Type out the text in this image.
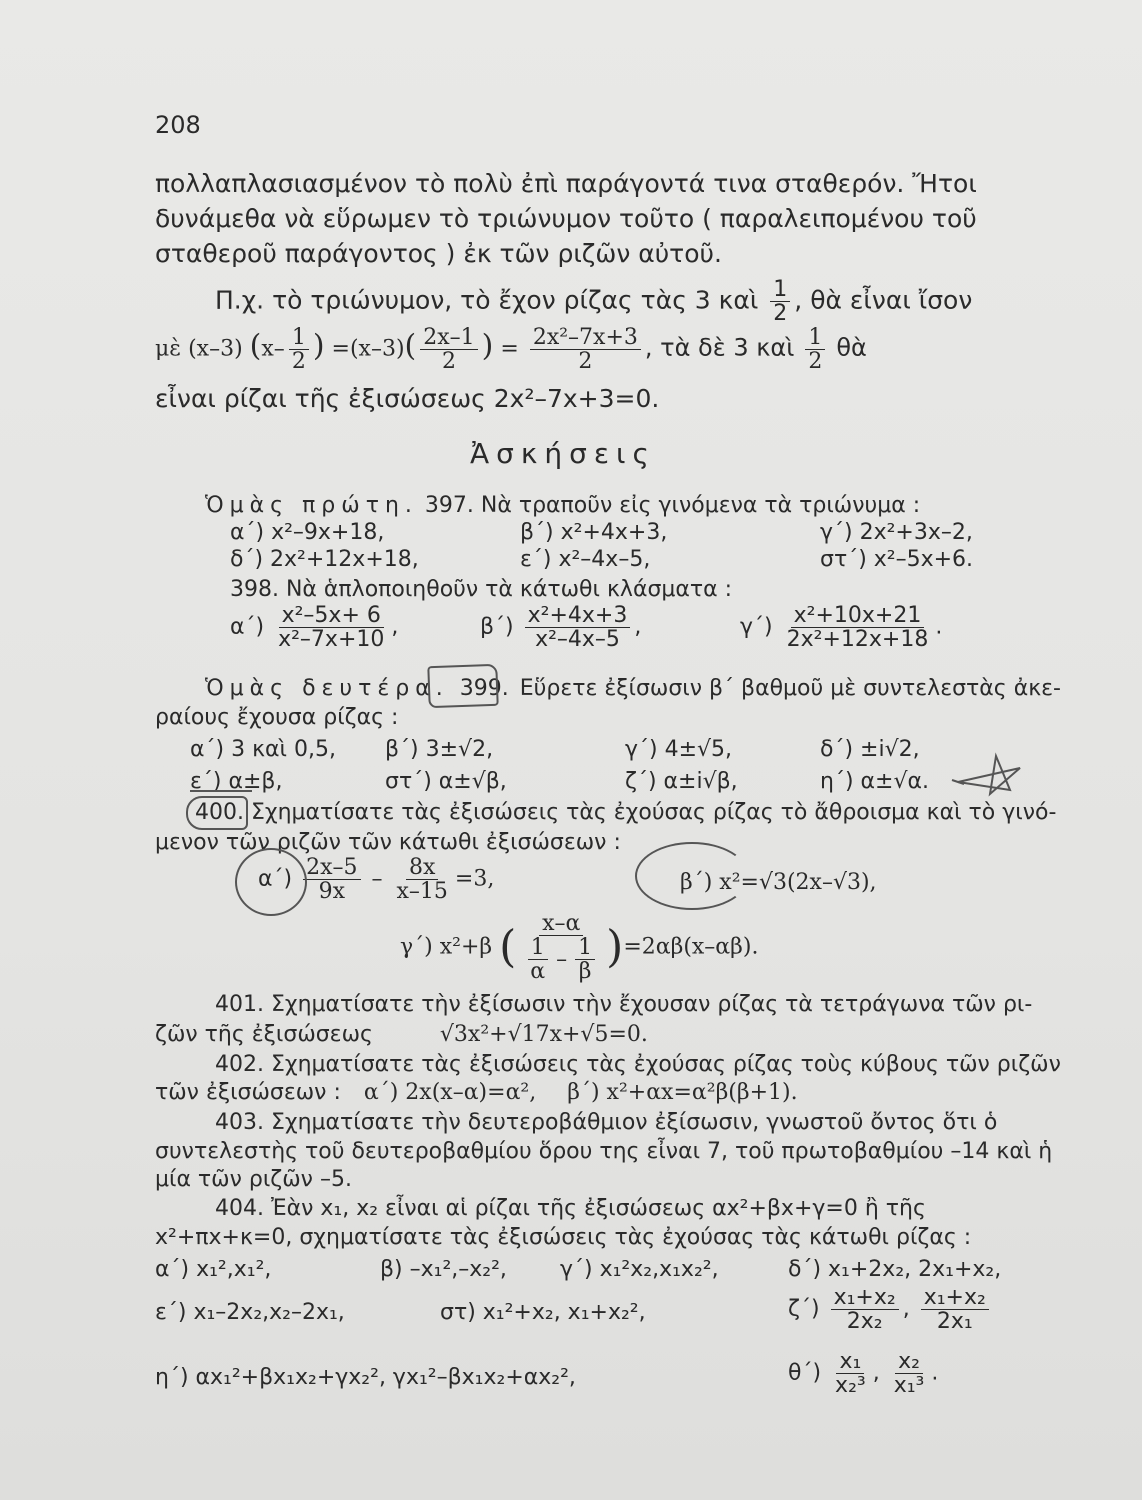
208
πολλαπλασιασμένον τὸ πολὺ ἐπὶ παράγοντά τινα σταθερόν. Ἤτοι
δυνάμεθα νὰ εὕρωμεν τὸ τριώνυμον τοῦτο ( παραλειπομένου τοῦ
σταθεροῦ παράγοντος ) ἐκ τῶν ριζῶν αὐτοῦ.
Π.χ. τὸ τριώνυμον, τὸ ἔχον ρίζας τὰς 3 καὶ $\frac{1}{2}$ , θὰ εἶναι ἴσον
μὲ (x–3) ($x- \frac{1}{2}$ ) $=(x-3)( \frac{2x-1}{2}$ ) = $\frac{\text{2x²–7x+3}}{2}$ , τὰ δὲ 3 καὶ $\frac{1}{2}$ θὰ
εἶναι ρίζαι τῆς ἐξισώσεως 2x²–7x+3=0.
Ἀσκήσεις
Ὁμὰς πρώτη. 397. Νὰ τραποῦν εἰς γινόμενα τὰ τριώνυμα :
α΄) x²–9x+18,	β΄) x²+4x+3,	γ΄) 2x²+3x–2,
δ΄) 2x²+12x+18,	ε΄) x²–4x–5,	στ΄) x²–5x+6.
398. Νὰ ἁπλοποιηθοῦν τὰ κάτωθι κλάσματα :
$\alpha΄) \frac{\text{x²–5x+ 6}}{\text{x²–7x+10}}$ ,	$\beta΄) \frac{\text{x²+4x+3}}{\text{x²–4x–5}}$ ,	$\gamma΄) \frac{\text{x²+10x+21}}{\text{2x²+12x+18}}$ .
Ὁμὰς δευτέρα. 399. Εὕρετε ἐξίσωσιν β΄ βαθμοῦ μὲ συντελεστὰς ἀκε-
ραίους ἔχουσα ρίζας :
α΄) 3 καὶ 0,5, β΄) 3±√2,	γ΄) 4±√5,	δ΄) ±i√2,
ε΄) α±β,	στ΄) α±√β,	ζ΄) α±i√β,	η΄) α±√α.
400. Σχηματίσατε τὰς ἐξισώσεις τὰς ἐχούσας ρίζας τὸ ἄθροισμα καὶ τὸ γινό-
μενον τῶν ριζῶν τῶν κάτωθι ἐξισώσεων :
$\alpha΄) \frac{2x-5}{9x} - \frac{8x}{x-15} =3$,	β΄) x²=√3(2x–√3),
γ΄) x²+β ( $\frac{x-\alpha}{\frac{1}{\alpha} - \frac{1}{\beta}} )=2\alpha\beta(x-\alpha\beta)$.
401. Σχηματίσατε τὴν ἐξίσωσιν τὴν ἔχουσαν ρίζας τὰ τετράγωνα τῶν ρι-
ζῶν τῆς ἐξισώσεως	√3x²+√17x+√5=0.
402. Σχηματίσατε τὰς ἐξισώσεις τὰς ἐχούσας ρίζας τοὺς κύβους τῶν ριζῶν
τῶν ἐξισώσεων : α΄) 2x(x–α)=α², β΄) x²+αx=α²β(β+1).
403. Σχηματίσατε τὴν δευτεροβάθμιον ἐξίσωσιν, γνωστοῦ ὄντος ὅτι ὁ
συντελεστὴς τοῦ δευτεροβαθμίου ὅρου της εἶναι 7, τοῦ πρωτοβαθμίου –14 καὶ ἡ
μία τῶν ριζῶν –5.
404. Ἐὰν x₁, x₂ εἶναι αἱ ρίζαι τῆς ἐξισώσεως αx²+βx+γ=0 ἢ τῆς
x²+πx+κ=0, σχηματίσατε τὰς ἐξισώσεις τὰς ἐχούσας τὰς κάτωθι ρίζας :
α΄) x₁²,x₁²,	β) –x₁²,–x₂², γ΄) x₁²x₂,x₁x₂²,	δ΄) x₁+2x₂, 2x₁+x₂,
ε΄) x₁–2x₂,x₂–2x₁,	στ) x₁²+x₂, x₁+x₂²,	$\zeta΄) \frac{\text{x₁+x₂}}{\text{2x₂}}$ , $\frac{\text{x₁+x₂}}{\text{2x₁}}$
η΄) αx₁²+βx₁x₂+γx₂², γx₁²–βx₁x₂+αx₂²,	$\theta΄) \frac{\text{x₁}}{\text{x₂³}}$ , $\frac{\text{x₂}}{\text{x₁³}}$ .
